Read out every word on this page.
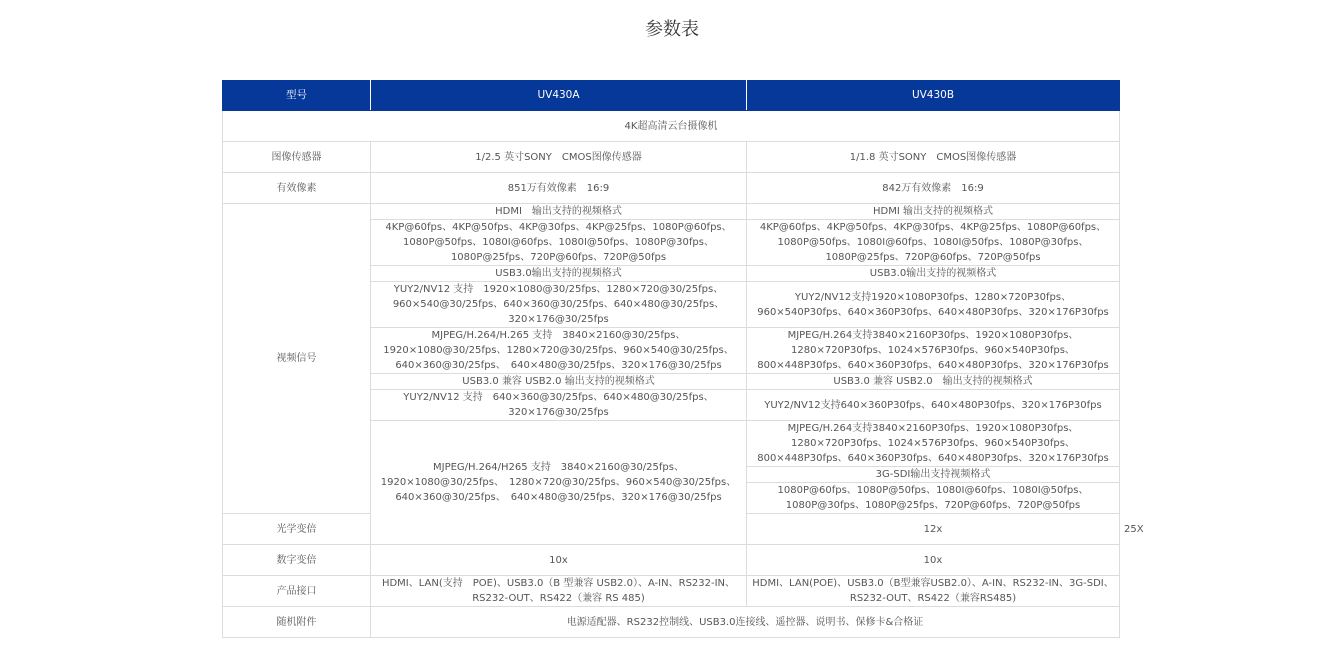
参数表
型号	UV430A	UV430B	
4K超高清云台摄像机			
图像传感器	1/2.5 英寸SONY　CMOS图像传感器	1/1.8 英寸SONY　CMOS图像传感器	
有效像素	851万有效像素　16:9	842万有效像素　16:9	
视频信号	HDMI　输出支持的视频格式	HDMI 输出支持的视频格式	
	4KP@60fps、4KP@50fps、4KP@30fps、4KP@25fps、1080P@60fps、1080P@50fps、1080I@60fps、1080I@50fps、1080P@30fps、1080P@25fps、720P@60fps、720P@50fps	4KP@60fps、4KP@50fps、4KP@30fps、4KP@25fps、1080P@60fps、1080P@50fps、1080I@60fps、1080I@50fps、1080P@30fps、1080P@25fps、720P@60fps、720P@50fps	
	USB3.0输出支持的视频格式	USB3.0输出支持的视频格式	
	YUY2/NV12 支持　1920×1080@30/25fps、1280×720@30/25fps、960×540@30/25fps、640×360@30/25fps、640×480@30/25fps、320×176@30/25fps	YUY2/NV12支持1920×1080P30fps、1280×720P30fps、960×540P30fps、640×360P30fps、640×480P30fps、320×176P30fps	
	MJPEG/H.264/H.265 支持　3840×2160@30/25fps、1920×1080@30/25fps、1280×720@30/25fps、960×540@30/25fps、640×360@30/25fps、　640×480@30/25fps、320×176@30/25fps	MJPEG/H.264支持3840×2160P30fps、1920×1080P30fps、1280×720P30fps、1024×576P30fps、960×540P30fps、800×448P30fps、640×360P30fps、640×480P30fps、320×176P30fps	
	USB3.0 兼容 USB2.0 输出支持的视频格式	USB3.0 兼容 USB2.0　输出支持的视频格式	
	YUY2/NV12 支持　640×360@30/25fps、640×480@30/25fps、320×176@30/25fps	YUY2/NV12支持640×360P30fps、640×480P30fps、320×176P30fps	
	MJPEG/H.264/H265 支持　3840×2160@30/25fps、1920×1080@30/25fps、　1280×720@30/25fps、960×540@30/25fps、640×360@30/25fps、　640×480@30/25fps、320×176@30/25fps	MJPEG/H.264支持3840×2160P30fps、1920×1080P30fps、1280×720P30fps、1024×576P30fps、960×540P30fps、800×448P30fps、640×360P30fps、640×480P30fps、320×176P30fps	
		3G-SDI输出支持视频格式	
		1080P@60fps、1080P@50fps、1080I@60fps、1080I@50fps、1080P@30fps、1080P@25fps、720P@60fps、720P@50fps	
光学变倍		12x	25X
数字变倍	10x	10x	
产品接口	HDMI、LAN(支持　POE)、USB3.0（B 型兼容 USB2.0）、A-IN、RS232-IN、RS232-OUT、RS422（兼容 RS 485)	HDMI、LAN(POE)、USB3.0（B型兼容USB2.0）、A-IN、RS232-IN、3G-SDI、RS232-OUT、RS422（兼容RS485)	
随机附件	电源适配器、RS232控制线、USB3.0连接线、遥控器、说明书、保修卡&合格证		
